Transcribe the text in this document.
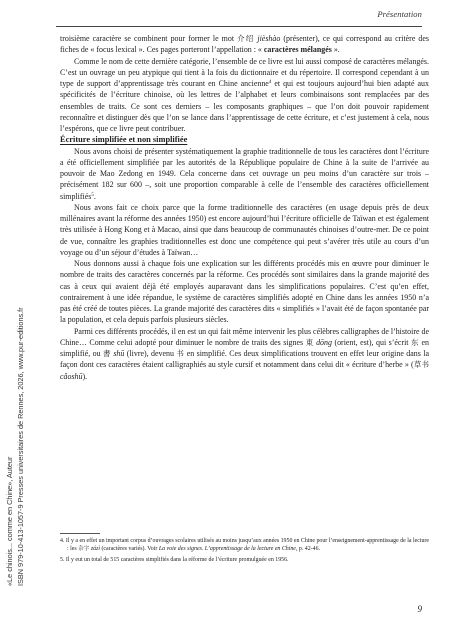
Présentation
«Le chinois... comme en Chine», Auteur ISBN 979-10-413-1057-9 Presses universitaires de Rennes, 2026, www.pur-editions.fr

troisième caractère se combinent pour former le mot 介绍 jièshào (présenter), ce qui correspond au critère des fiches de « focus lexical ». Ces pages porteront l’appellation : « caractères mélangés ».

Comme le nom de cette dernière catégorie, l’ensemble de ce livre est lui aussi composé de caractères mélangés. C’est un ouvrage un peu atypique qui tient à la fois du dictionnaire et du répertoire. Il correspond cependant à un type de support d’apprentissage très courant en Chine ancienne$^4$ et qui est toujours aujourd’hui bien adapté aux spécificités de l’écriture chinoise, où les lettres de l’alphabet et leurs combinaisons sont remplacées par des ensembles de traits. Ce sont ces derniers – les composants graphiques – que l’on doit pouvoir rapidement reconnaître et distinguer dès que l’on se lance dans l’apprentissage de cette écriture, et c’est justement à cela, nous l’espérons, que ce livre peut contribuer.

Écriture simplifiée et non simplifiée

Nous avons choisi de présenter systématiquement la graphie traditionnelle de tous les caractères dont l’écriture a été officiellement simplifiée par les autorités de la République populaire de Chine à la suite de l’arrivée au pouvoir de Mao Zedong en 1949. Cela concerne dans cet ouvrage un peu moins d’un caractère sur trois – précisément 182 sur 600 –, soit une proportion comparable à celle de l’ensemble des caractères officiellement simplifiés$^5$.

Nous avons fait ce choix parce que la forme traditionnelle des caractères (en usage depuis près de deux millénaires avant la réforme des années 1950) est encore aujourd’hui l’écriture officielle de Taïwan et est également très utilisée à Hong Kong et à Macao, ainsi que dans beaucoup de communautés chinoises d’outre-mer. De ce point de vue, connaître les graphies traditionnelles est donc une compétence qui peut s’avérer très utile au cours d’un voyage ou d’un séjour d’études à Taïwan…

Nous donnons aussi à chaque fois une explication sur les différents procédés mis en œuvre pour diminuer le nombre de traits des caractères concernés par la réforme. Ces procédés sont similaires dans la grande majorité des cas à ceux qui avaient déjà été employés auparavant dans les simplifications populaires. C’est qu’en effet, contrairement à une idée répandue, le système de caractères simplifiés adopté en Chine dans les années 1950 n’a pas été créé de toutes pièces. La grande majorité des caractères dits « simplifiés » l’avait été de façon spontanée par la population, et cela depuis parfois plusieurs siècles.

Parmi ces différents procédés, il en est un qui fait même intervenir les plus célèbres calligraphes de l’histoire de Chine… Comme celui adopté pour diminuer le nombre de traits des signes 東 dōng (orient, est), qui s’écrit 东 en simplifié, ou 書 shū (livre), devenu 书 en simplifié. Ces deux simplifications trouvent en effet leur origine dans la façon dont ces caractères étaient calligraphiés au style cursif et notamment dans celui dit « écriture d’herbe » (草书 cǎoshū).

4. Il y a en effet un important corpus d’ouvrages scolaires utilisés au moins jusqu’aux années 1950 en Chine pour l’enseignement-apprentissage de la lecture : les 杂字 zázì (caractères variés). Voir La voie des signes. L’apprentissage de la lecture en Chine, p. 42-46.

5. Il y eut un total de 515 caractères simplifiés dans la réforme de l’écriture promulguée en 1956.

9
